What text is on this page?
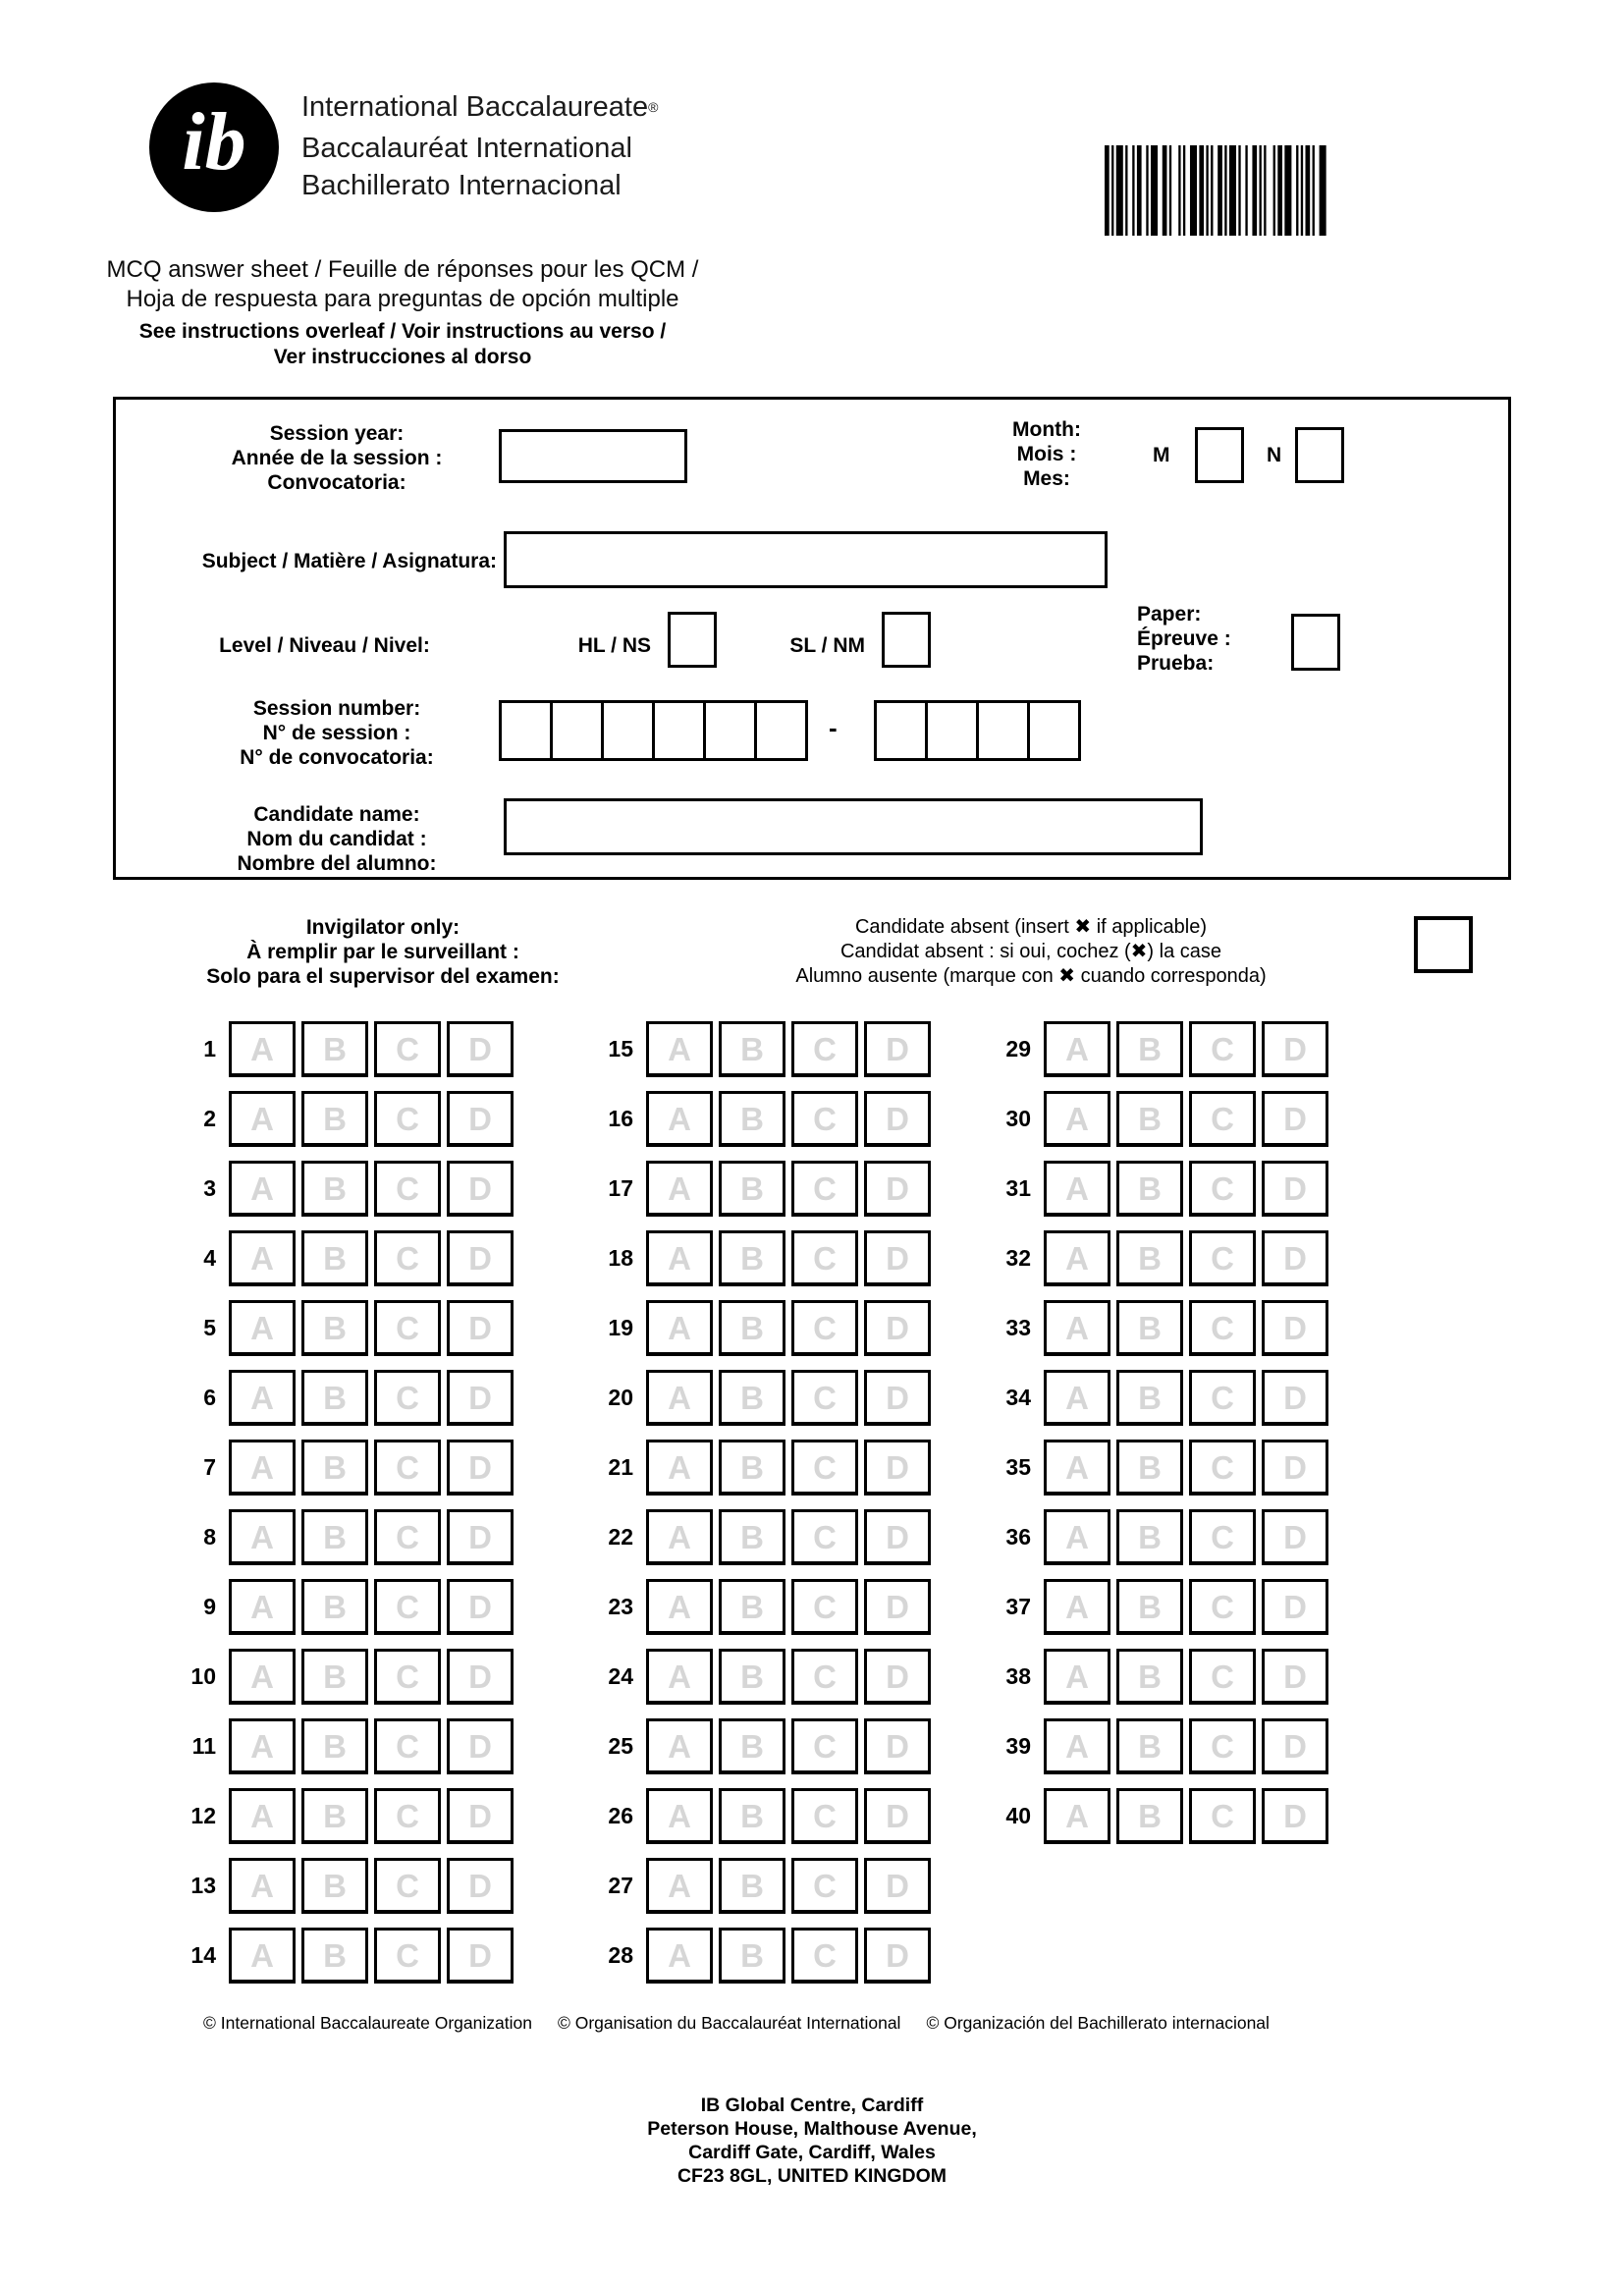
ib International Baccalaureate®
Baccalauréat International
Bachillerato Internacional
MCQ answer sheet / Feuille de réponses pour les QCM /
Hoja de respuesta para preguntas de opción multiple
See instructions overleaf / Voir instructions au verso /
Ver instrucciones al dorso
Session year:
Année de la session :
Convocatoria:
Month:
Mois :
Mes:
M	N
Subject / Matière / Asignatura:
Level / Niveau / Nivel:	HL / NS	SL / NM
Paper:
Épreuve :
Prueba:
Session number:
N° de session :
N° de convocatoria:
-
Candidate name:
Nom du candidat :
Nombre del alumno:
Invigilator only:
À remplir par le surveillant :
Solo para el supervisor del examen:
Candidate absent (insert ✖ if applicable)
Candidat absent : si oui, cochez (✖) la case
Alumno ausente (marque con ✖ cuando corresponda)
1 A B C D
2 A B C D
3 A B C D
4 A B C D
5 A B C D
6 A B C D
7 A B C D
8 A B C D
9 A B C D
10 A B C D
11 A B C D
12 A B C D
13 A B C D
14 A B C D
15 A B C D
16 A B C D
17 A B C D
18 A B C D
19 A B C D
20 A B C D
21 A B C D
22 A B C D
23 A B C D
24 A B C D
25 A B C D
26 A B C D
27 A B C D
28 A B C D
29 A B C D
30 A B C D
31 A B C D
32 A B C D
33 A B C D
34 A B C D
35 A B C D
36 A B C D
37 A B C D
38 A B C D
39 A B C D
40 A B C D
© International Baccalaureate Organization © Organisation du Baccalauréat International © Organización del Bachillerato internacional
IB Global Centre, Cardiff
Peterson House, Malthouse Avenue,
Cardiff Gate, Cardiff, Wales
CF23 8GL, UNITED KINGDOM
